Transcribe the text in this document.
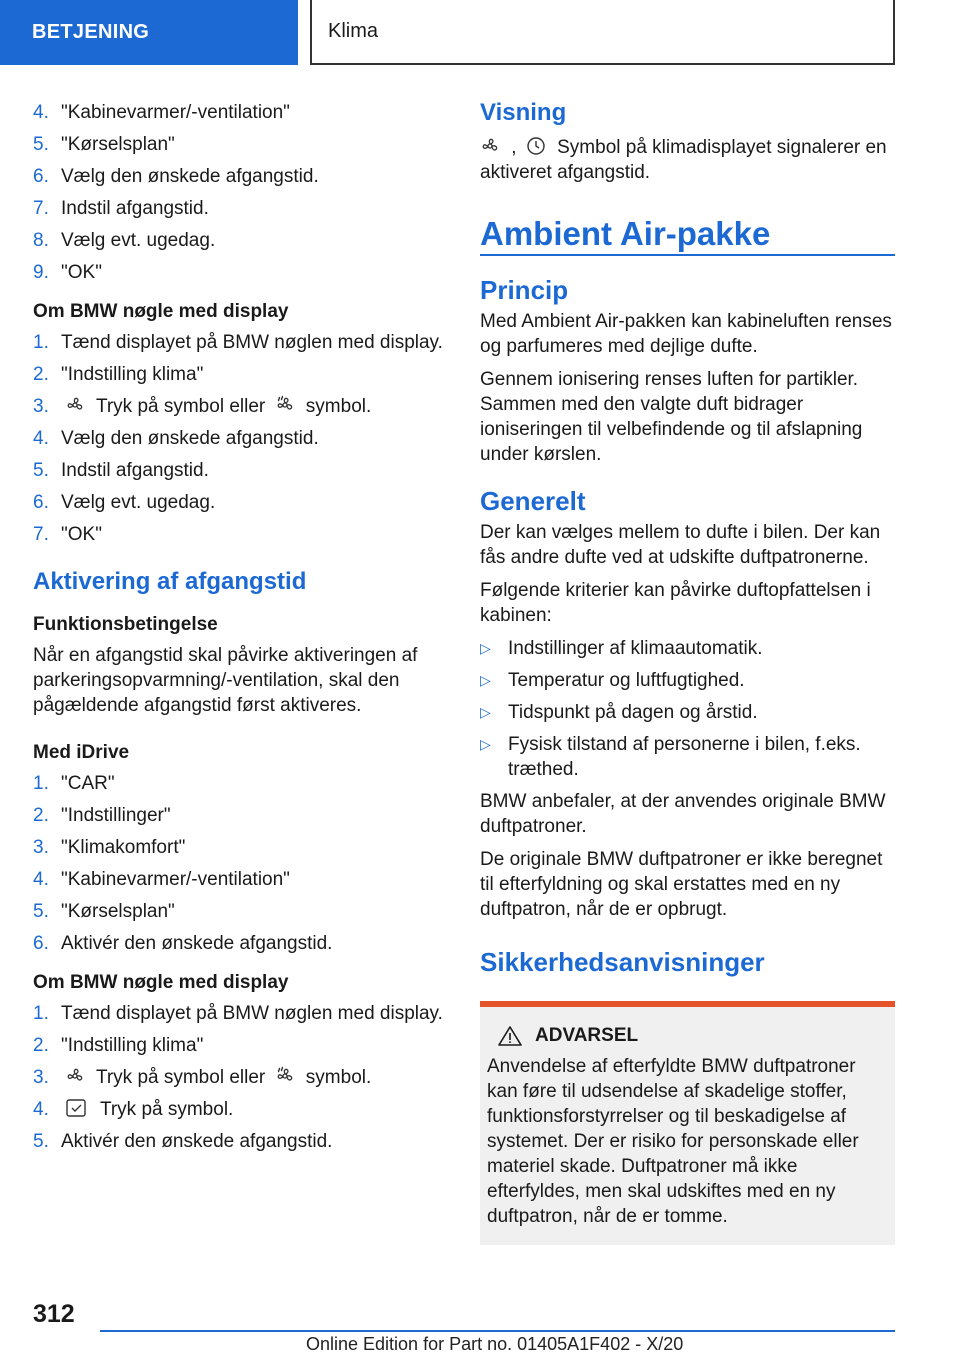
BETJENING	Klima
4. "Kabinevarmer/-ventilation"
5. "Kørselsplan"
6. Vælg den ønskede afgangstid.
7. Indstil afgangstid.
8. Vælg evt. ugedag.
9. "OK"
Om BMW nøgle med display
1. Tænd displayet på BMW nøglen med display.
2. "Indstilling klima"
3.	Tryk på symbol eller symbol.
4. Vælg den ønskede afgangstid.
5. Indstil afgangstid.
6. Vælg evt. ugedag.
7. "OK"
Aktivering af afgangstid
Funktionsbetingelse

Når en afgangstid skal påvirke aktiveringen af parkeringsopvarmning/-ventilation, skal den pågældende afgangstid først aktiveres.

Med iDrive
1. "CAR"
2. "Indstillinger"
3. "Klimakomfort"
4. "Kabinevarmer/-ventilation"
5. "Kørselsplan"
6. Aktivér den ønskede afgangstid.
Om BMW nøgle med display
1. Tænd displayet på BMW nøglen med display.
2. "Indstilling klima"
3.	Tryk på symbol eller symbol.
4.	Tryk på symbol.
5. Aktivér den ønskede afgangstid.
Visning

, Symbol på klimadisplayet signalerer en aktiveret afgangstid.

Ambient Air-pakke
Princip

Med Ambient Air-pakken kan kabineluften renses og parfumeres med dejlige dufte.

Gennem ionisering renses luften for partikler. Sammen med den valgte duft bidrager ioniseringen til velbefindende og til afslapning under kørslen.

Generelt

Der kan vælges mellem to dufte i bilen. Der kan fås andre dufte ved at udskifte duftpatronerne.

Følgende kriterier kan påvirke duftopfattelsen i kabinen:

▷ Indstillinger af klimaautomatik.
▷ Temperatur og luftfugtighed.
▷ Tidspunkt på dagen og årstid.
▷ Fysisk tilstand af personerne i bilen, f.eks. træthed.

BMW anbefaler, at der anvendes originale BMW duftpatroner.

De originale BMW duftpatroner er ikke beregnet til efterfyldning og skal erstattes med en ny duftpatron, når de er opbrugt.

Sikkerhedsanvisninger
ADVARSEL

Anvendelse af efterfyldte BMW duftpatroner kan føre til udsendelse af skadelige stoffer, funktionsforstyrrelser og til beskadigelse af systemet. Der er risiko for personskade eller materiel skade. Duftpatroner må ikke efterfyldes, men skal udskiftes med en ny duftpatron, når de er tomme.

312
Online Edition for Part no. 01405A1F402 - X/20
